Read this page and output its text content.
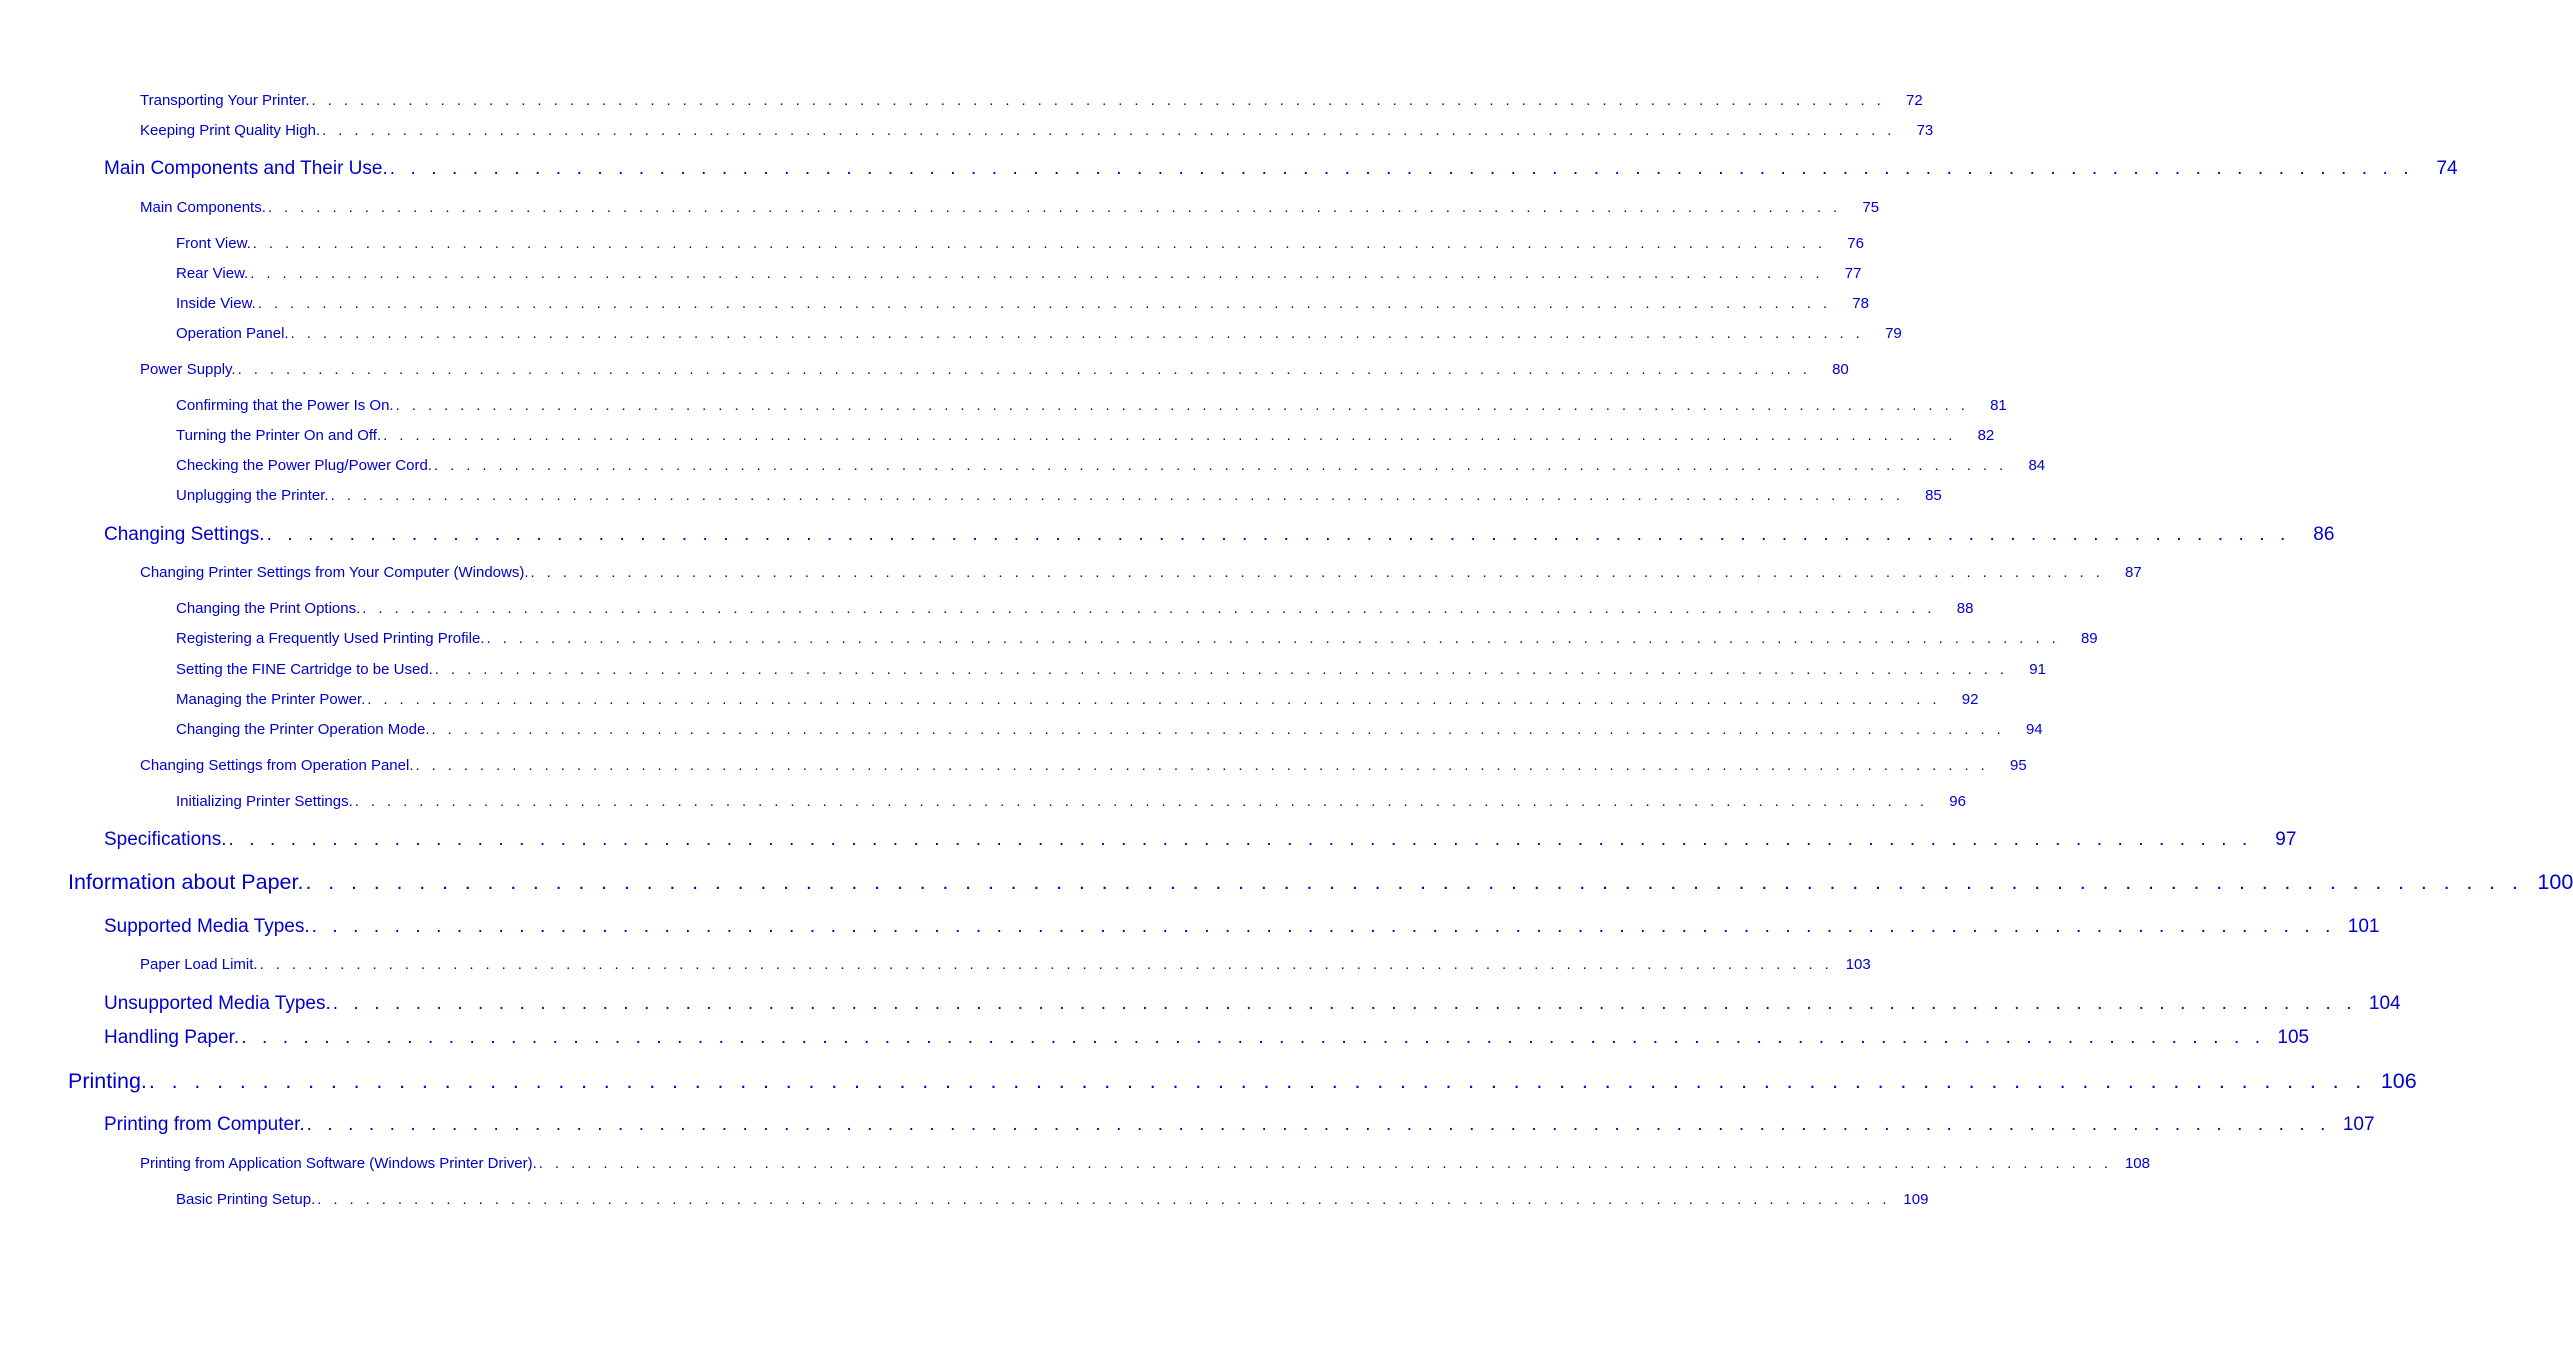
Transporting Your Printer. . . . . . . . . . . . . . . . . . . . . . . . . . . . . . . . . . . . . . . . . . . . . . . . . . . . . . . . . . . . . . . . . . . . . . . . . . . . . . . . . . . . . . . . . . . . . . . . . . .	72
Keeping Print Quality High. . . . . . . . . . . . . . . . . . . . . . . . . . . . . . . . . . . . . . . . . . . . . . . . . . . . . . . . . . . . . . . . . . . . . . . . . . . . . . . . . . . . . . . . . . . . . . . . . . .	73
Main Components and Their Use. . . . . . . . . . . . . . . . . . . . . . . . . . . . . . . . . . . . . . . . . . . . . . . . . . . . . . . . . . . . . . . . . . . . . . . . . . . . . . . . . . . . . . . . . . . . . . . . . . .	74
Main Components. . . . . . . . . . . . . . . . . . . . . . . . . . . . . . . . . . . . . . . . . . . . . . . . . . . . . . . . . . . . . . . . . . . . . . . . . . . . . . . . . . . . . . . . . . . . . . . . . . .	75
Front View. . . . . . . . . . . . . . . . . . . . . . . . . . . . . . . . . . . . . . . . . . . . . . . . . . . . . . . . . . . . . . . . . . . . . . . . . . . . . . . . . . . . . . . . . . . . . . . . . . .	76
Rear View. . . . . . . . . . . . . . . . . . . . . . . . . . . . . . . . . . . . . . . . . . . . . . . . . . . . . . . . . . . . . . . . . . . . . . . . . . . . . . . . . . . . . . . . . . . . . . . . . . .	77
Inside View. . . . . . . . . . . . . . . . . . . . . . . . . . . . . . . . . . . . . . . . . . . . . . . . . . . . . . . . . . . . . . . . . . . . . . . . . . . . . . . . . . . . . . . . . . . . . . . . . . .	78
Operation Panel. . . . . . . . . . . . . . . . . . . . . . . . . . . . . . . . . . . . . . . . . . . . . . . . . . . . . . . . . . . . . . . . . . . . . . . . . . . . . . . . . . . . . . . . . . . . . . . . . . .	79
Power Supply. . . . . . . . . . . . . . . . . . . . . . . . . . . . . . . . . . . . . . . . . . . . . . . . . . . . . . . . . . . . . . . . . . . . . . . . . . . . . . . . . . . . . . . . . . . . . . . . . . .	80
Confirming that the Power Is On. . . . . . . . . . . . . . . . . . . . . . . . . . . . . . . . . . . . . . . . . . . . . . . . . . . . . . . . . . . . . . . . . . . . . . . . . . . . . . . . . . . . . . . . . . . . . . . . . . .	81
Turning the Printer On and Off. . . . . . . . . . . . . . . . . . . . . . . . . . . . . . . . . . . . . . . . . . . . . . . . . . . . . . . . . . . . . . . . . . . . . . . . . . . . . . . . . . . . . . . . . . . . . . . . . . .	82
Checking the Power Plug/Power Cord. . . . . . . . . . . . . . . . . . . . . . . . . . . . . . . . . . . . . . . . . . . . . . . . . . . . . . . . . . . . . . . . . . . . . . . . . . . . . . . . . . . . . . . . . . . . . . . . . . .	84
Unplugging the Printer. . . . . . . . . . . . . . . . . . . . . . . . . . . . . . . . . . . . . . . . . . . . . . . . . . . . . . . . . . . . . . . . . . . . . . . . . . . . . . . . . . . . . . . . . . . . . . . . . . .	85
Changing Settings. . . . . . . . . . . . . . . . . . . . . . . . . . . . . . . . . . . . . . . . . . . . . . . . . . . . . . . . . . . . . . . . . . . . . . . . . . . . . . . . . . . . . . . . . . . . . . . . . . .	86
Changing Printer Settings from Your Computer (Windows). . . . . . . . . . . . . . . . . . . . . . . . . . . . . . . . . . . . . . . . . . . . . . . . . . . . . . . . . . . . . . . . . . . . . . . . . . . . . . . . . . . . . . . . . . . . . . . . . . .	87
Changing the Print Options. . . . . . . . . . . . . . . . . . . . . . . . . . . . . . . . . . . . . . . . . . . . . . . . . . . . . . . . . . . . . . . . . . . . . . . . . . . . . . . . . . . . . . . . . . . . . . . . . . .	88
Registering a Frequently Used Printing Profile. . . . . . . . . . . . . . . . . . . . . . . . . . . . . . . . . . . . . . . . . . . . . . . . . . . . . . . . . . . . . . . . . . . . . . . . . . . . . . . . . . . . . . . . . . . . . . . . . . .	89
Setting the FINE Cartridge to be Used. . . . . . . . . . . . . . . . . . . . . . . . . . . . . . . . . . . . . . . . . . . . . . . . . . . . . . . . . . . . . . . . . . . . . . . . . . . . . . . . . . . . . . . . . . . . . . . . . . .	91
Managing the Printer Power. . . . . . . . . . . . . . . . . . . . . . . . . . . . . . . . . . . . . . . . . . . . . . . . . . . . . . . . . . . . . . . . . . . . . . . . . . . . . . . . . . . . . . . . . . . . . . . . . . .	92
Changing the Printer Operation Mode. . . . . . . . . . . . . . . . . . . . . . . . . . . . . . . . . . . . . . . . . . . . . . . . . . . . . . . . . . . . . . . . . . . . . . . . . . . . . . . . . . . . . . . . . . . . . . . . . . .	94
Changing Settings from Operation Panel. . . . . . . . . . . . . . . . . . . . . . . . . . . . . . . . . . . . . . . . . . . . . . . . . . . . . . . . . . . . . . . . . . . . . . . . . . . . . . . . . . . . . . . . . . . . . . . . . . .	95
Initializing Printer Settings. . . . . . . . . . . . . . . . . . . . . . . . . . . . . . . . . . . . . . . . . . . . . . . . . . . . . . . . . . . . . . . . . . . . . . . . . . . . . . . . . . . . . . . . . . . . . . . . . . .	96
Specifications. . . . . . . . . . . . . . . . . . . . . . . . . . . . . . . . . . . . . . . . . . . . . . . . . . . . . . . . . . . . . . . . . . . . . . . . . . . . . . . . . . . . . . . . . . . . . . . . . . .	97
Information about Paper. . . . . . . . . . . . . . . . . . . . . . . . . . . . . . . . . . . . . . . . . . . . . . . . . . . . . . . . . . . . . . . . . . . . . . . . . . . . . . . . . . . . . . . . . . . . . . . . . . . 100
Supported Media Types. . . . . . . . . . . . . . . . . . . . . . . . . . . . . . . . . . . . . . . . . . . . . . . . . . . . . . . . . . . . . . . . . . . . . . . . . . . . . . . . . . . . . . . . . . . . . . . . . . . 101
Paper Load Limit. . . . . . . . . . . . . . . . . . . . . . . . . . . . . . . . . . . . . . . . . . . . . . . . . . . . . . . . . . . . . . . . . . . . . . . . . . . . . . . . . . . . . . . . . . . . . . . . . . . 103
Unsupported Media Types. . . . . . . . . . . . . . . . . . . . . . . . . . . . . . . . . . . . . . . . . . . . . . . . . . . . . . . . . . . . . . . . . . . . . . . . . . . . . . . . . . . . . . . . . . . . . . . . . . . 104
Handling Paper. . . . . . . . . . . . . . . . . . . . . . . . . . . . . . . . . . . . . . . . . . . . . . . . . . . . . . . . . . . . . . . . . . . . . . . . . . . . . . . . . . . . . . . . . . . . . . . . . . . 105
Printing. . . . . . . . . . . . . . . . . . . . . . . . . . . . . . . . . . . . . . . . . . . . . . . . . . . . . . . . . . . . . . . . . . . . . . . . . . . . . . . . . . . . . . . . . . . . . . . . . . . 106
Printing from Computer. . . . . . . . . . . . . . . . . . . . . . . . . . . . . . . . . . . . . . . . . . . . . . . . . . . . . . . . . . . . . . . . . . . . . . . . . . . . . . . . . . . . . . . . . . . . . . . . . . . 107
Printing from Application Software (Windows Printer Driver). . . . . . . . . . . . . . . . . . . . . . . . . . . . . . . . . . . . . . . . . . . . . . . . . . . . . . . . . . . . . . . . . . . . . . . . . . . . . . . . . . . . . . . . . . . . . . . . . . . 108
Basic Printing Setup. . . . . . . . . . . . . . . . . . . . . . . . . . . . . . . . . . . . . . . . . . . . . . . . . . . . . . . . . . . . . . . . . . . . . . . . . . . . . . . . . . . . . . . . . . . . . . . . . . . 109
